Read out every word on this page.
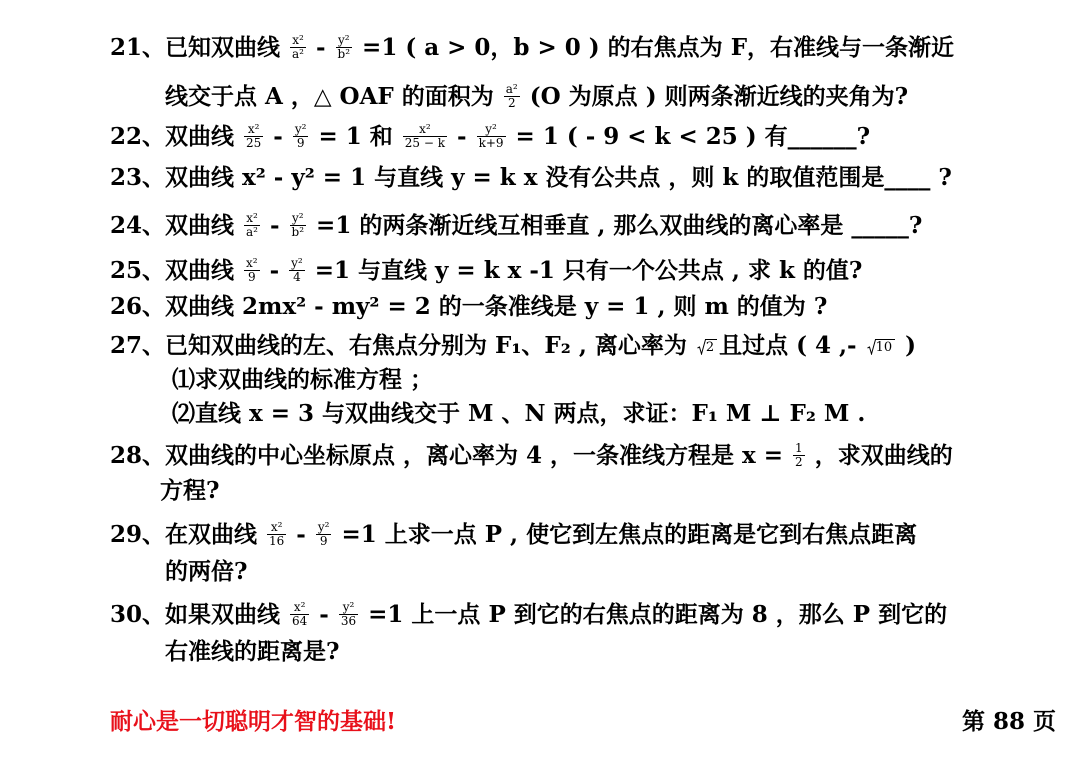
21、已知双曲线 $\frac{\text{x²}}{\text{a²}} - \frac{\text{y²}}{\text{b²}} =1$ ( a > 0，b > 0 ) 的右焦点为 F，右准线与一条渐近
线交于点 A ，△ OAF 的面积为 $\frac{\text{a²}}{2} (O$ 为原点 ) 则两条渐近线的夹角为?
22、双曲线 $\frac{\text{x²}}{25} - \frac{\text{y²}}{9} = 1$ 和 $\frac{\text{x²}}{25 - k} - \frac{\text{y²}}{k+9} = 1$ ( - 9 < k < 25 ) 有______?
23、双曲线 x² - y² = 1 与直线 y = k x 没有公共点 ，则 k 的取值范围是____ ?
24、双曲线 $\frac{\text{x²}}{\text{a²}} - \frac{\text{y²}}{\text{b²}} =1$ 的两条渐近线互相垂直 , 那么双曲线的离心率是 _____?
25、双曲线 $\frac{\text{x²}}{9} - \frac{\text{y²}}{4} =1$ 与直线 y = k x -1 只有一个公共点 , 求 k 的值?
26、双曲线 2mx² - my² = 2 的一条准线是 y = 1 , 则 m 的值为 ?
27、已知双曲线的左、右焦点分别为 F₁、F₂ , 离心率为 2 且过点 ( 4 ,- 10 )
⑴求双曲线的标准方程 ；
⑵直线 x = 3 与双曲线交于 M 、N 两点，求证：F₁ M ⊥ F₂ M .
28、双曲线的中心坐标原点 ，离心率为 4 ，一条准线方程是 $x = \frac{1}{2}$ ，求双曲线的
方程?
29、在双曲线 $\frac{\text{x²}}{16} - \frac{\text{y²}}{9} =1$ 上求一点 P , 使它到左焦点的距离是它到右焦点距离
的两倍?
30、如果双曲线 $\frac{\text{x²}}{64} - \frac{\text{y²}}{36} =1$ 上一点 P 到它的右焦点的距离为 8 ，那么 P 到它的
右准线的距离是?
耐心是一切聪明才智的基础!	第 88 页
